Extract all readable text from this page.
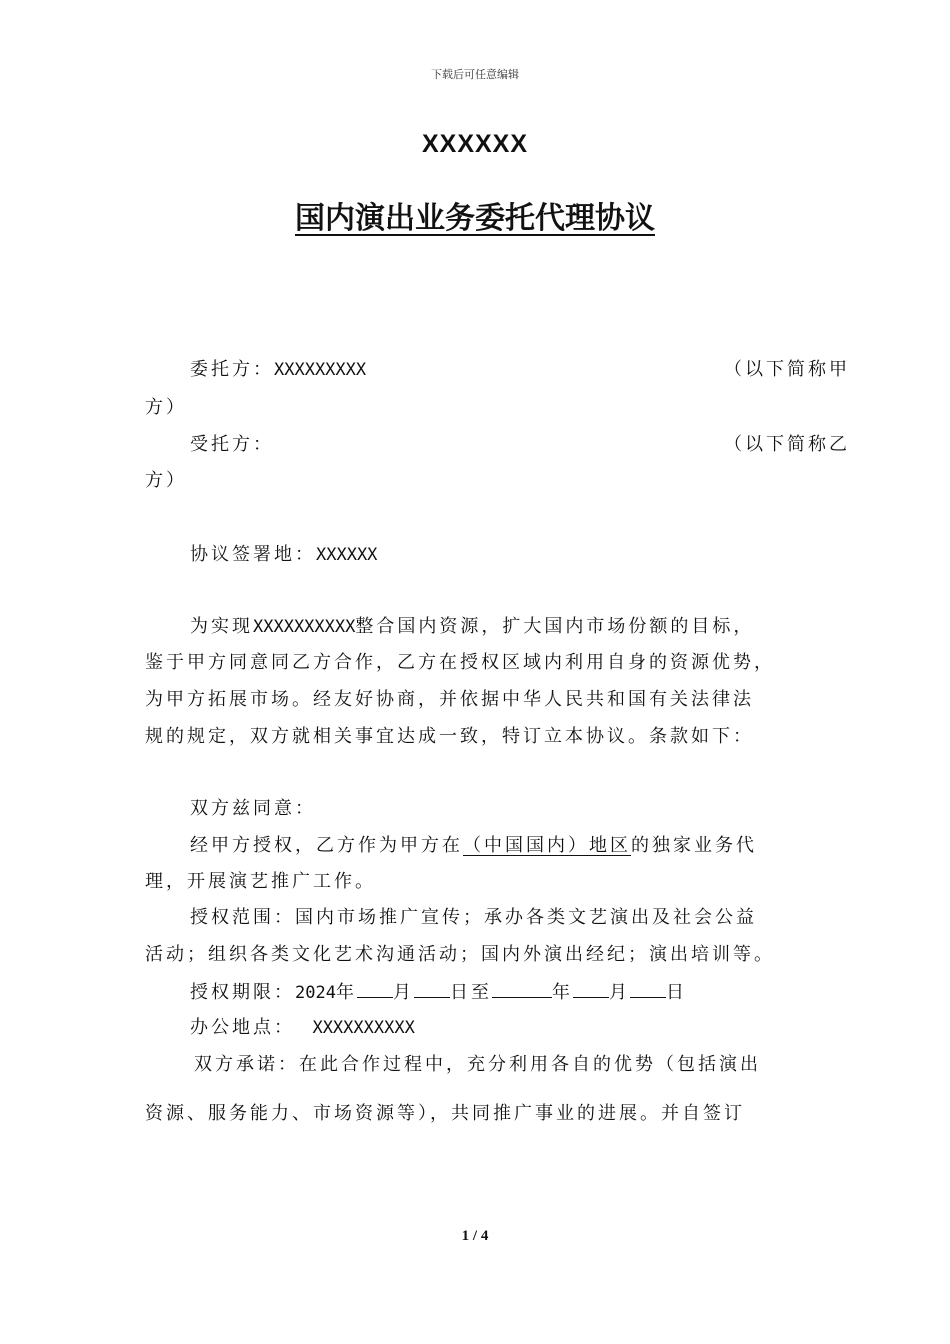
下载后可任意编辑
XXXXXX
国内演出业务委托代理协议
委托方：XXXXXXXXX	（以下简称甲
方）
受托方：	（以下简称乙
方）
协议签署地：XXXXXX
为实现XXXXXXXXXX整合国内资源，扩大国内市场份额的目标，
鉴于甲方同意同乙方合作，乙方在授权区域内利用自身的资源优势，
为甲方拓展市场。经友好协商，并依据中华人民共和国有关法律法
规的规定，双方就相关事宜达成一致，特订立本协议。条款如下：
双方兹同意：
经甲方授权，乙方作为甲方在（中国国内）地区的独家业务代
理，开展演艺推广工作。
授权范围：国内市场推广宣传；承办各类文艺演出及社会公益
活动；组织各类文化艺术沟通活动；国内外演出经纪；演出培训等。
授权期限：2024年 月 日至	年 月 日
办公地点： XXXXXXXXXX
双方承诺：在此合作过程中，充分利用各自的优势（包括演出
资源、服务能力、市场资源等），共同推广事业的进展。并自签订
1 / 4
